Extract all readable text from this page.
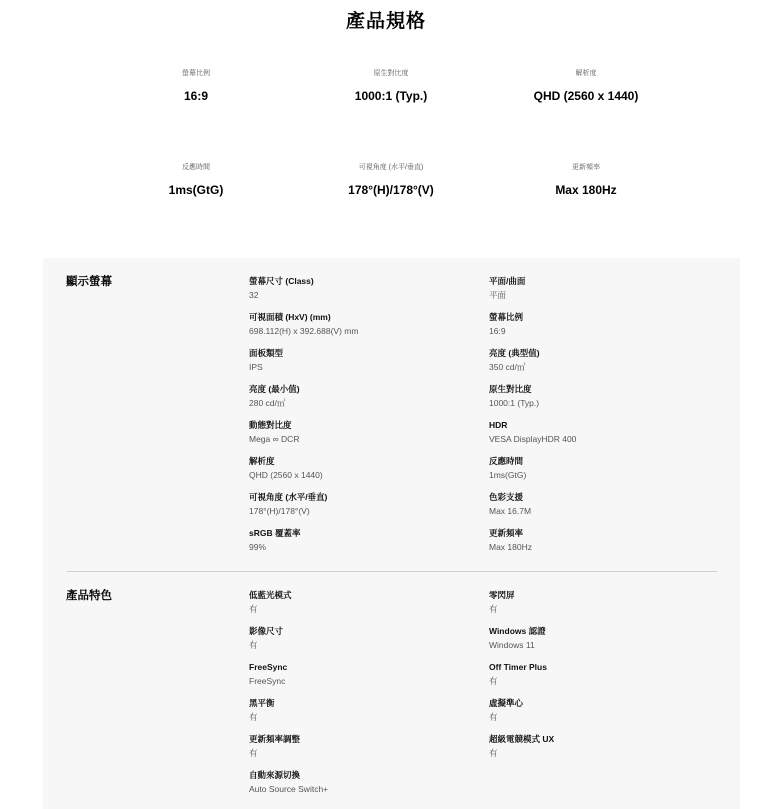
產品規格
螢幕比例
16:9
原生對比度
1000:1 (Typ.)
解析度
QHD (2560 x 1440)
反應時間
1ms(GtG)
可視角度 (水平/垂直)
178°(H)/178°(V)
更新頻率
Max 180Hz
顯示螢幕	螢幕尺寸 (Class)
32
平面/曲面
平面
可視面積 (HxV) (mm)
698.112(H) x 392.688(V) mm
螢幕比例
16:9
面板類型
IPS
亮度 (典型值)
350 cd/㎡
亮度 (最小值)
280 cd/㎡
原生對比度
1000:1 (Typ.)
動態對比度
Mega ∞ DCR
HDR
VESA DisplayHDR 400
解析度
QHD (2560 x 1440)
反應時間
1ms(GtG)
可視角度 (水平/垂直)
178°(H)/178°(V)
色彩支援
Max 16.7M
sRGB 覆蓋率
99%
更新頻率
Max 180Hz
產品特色	低藍光模式
有
零閃屏
有
影像尺寸
有
Windows 認證
Windows 11
FreeSync
FreeSync
Off Timer Plus
有
黑平衡
有
虛擬準心
有
更新頻率調整
有
超級電競模式 UX
有
自動來源切換
Auto Source Switch+
